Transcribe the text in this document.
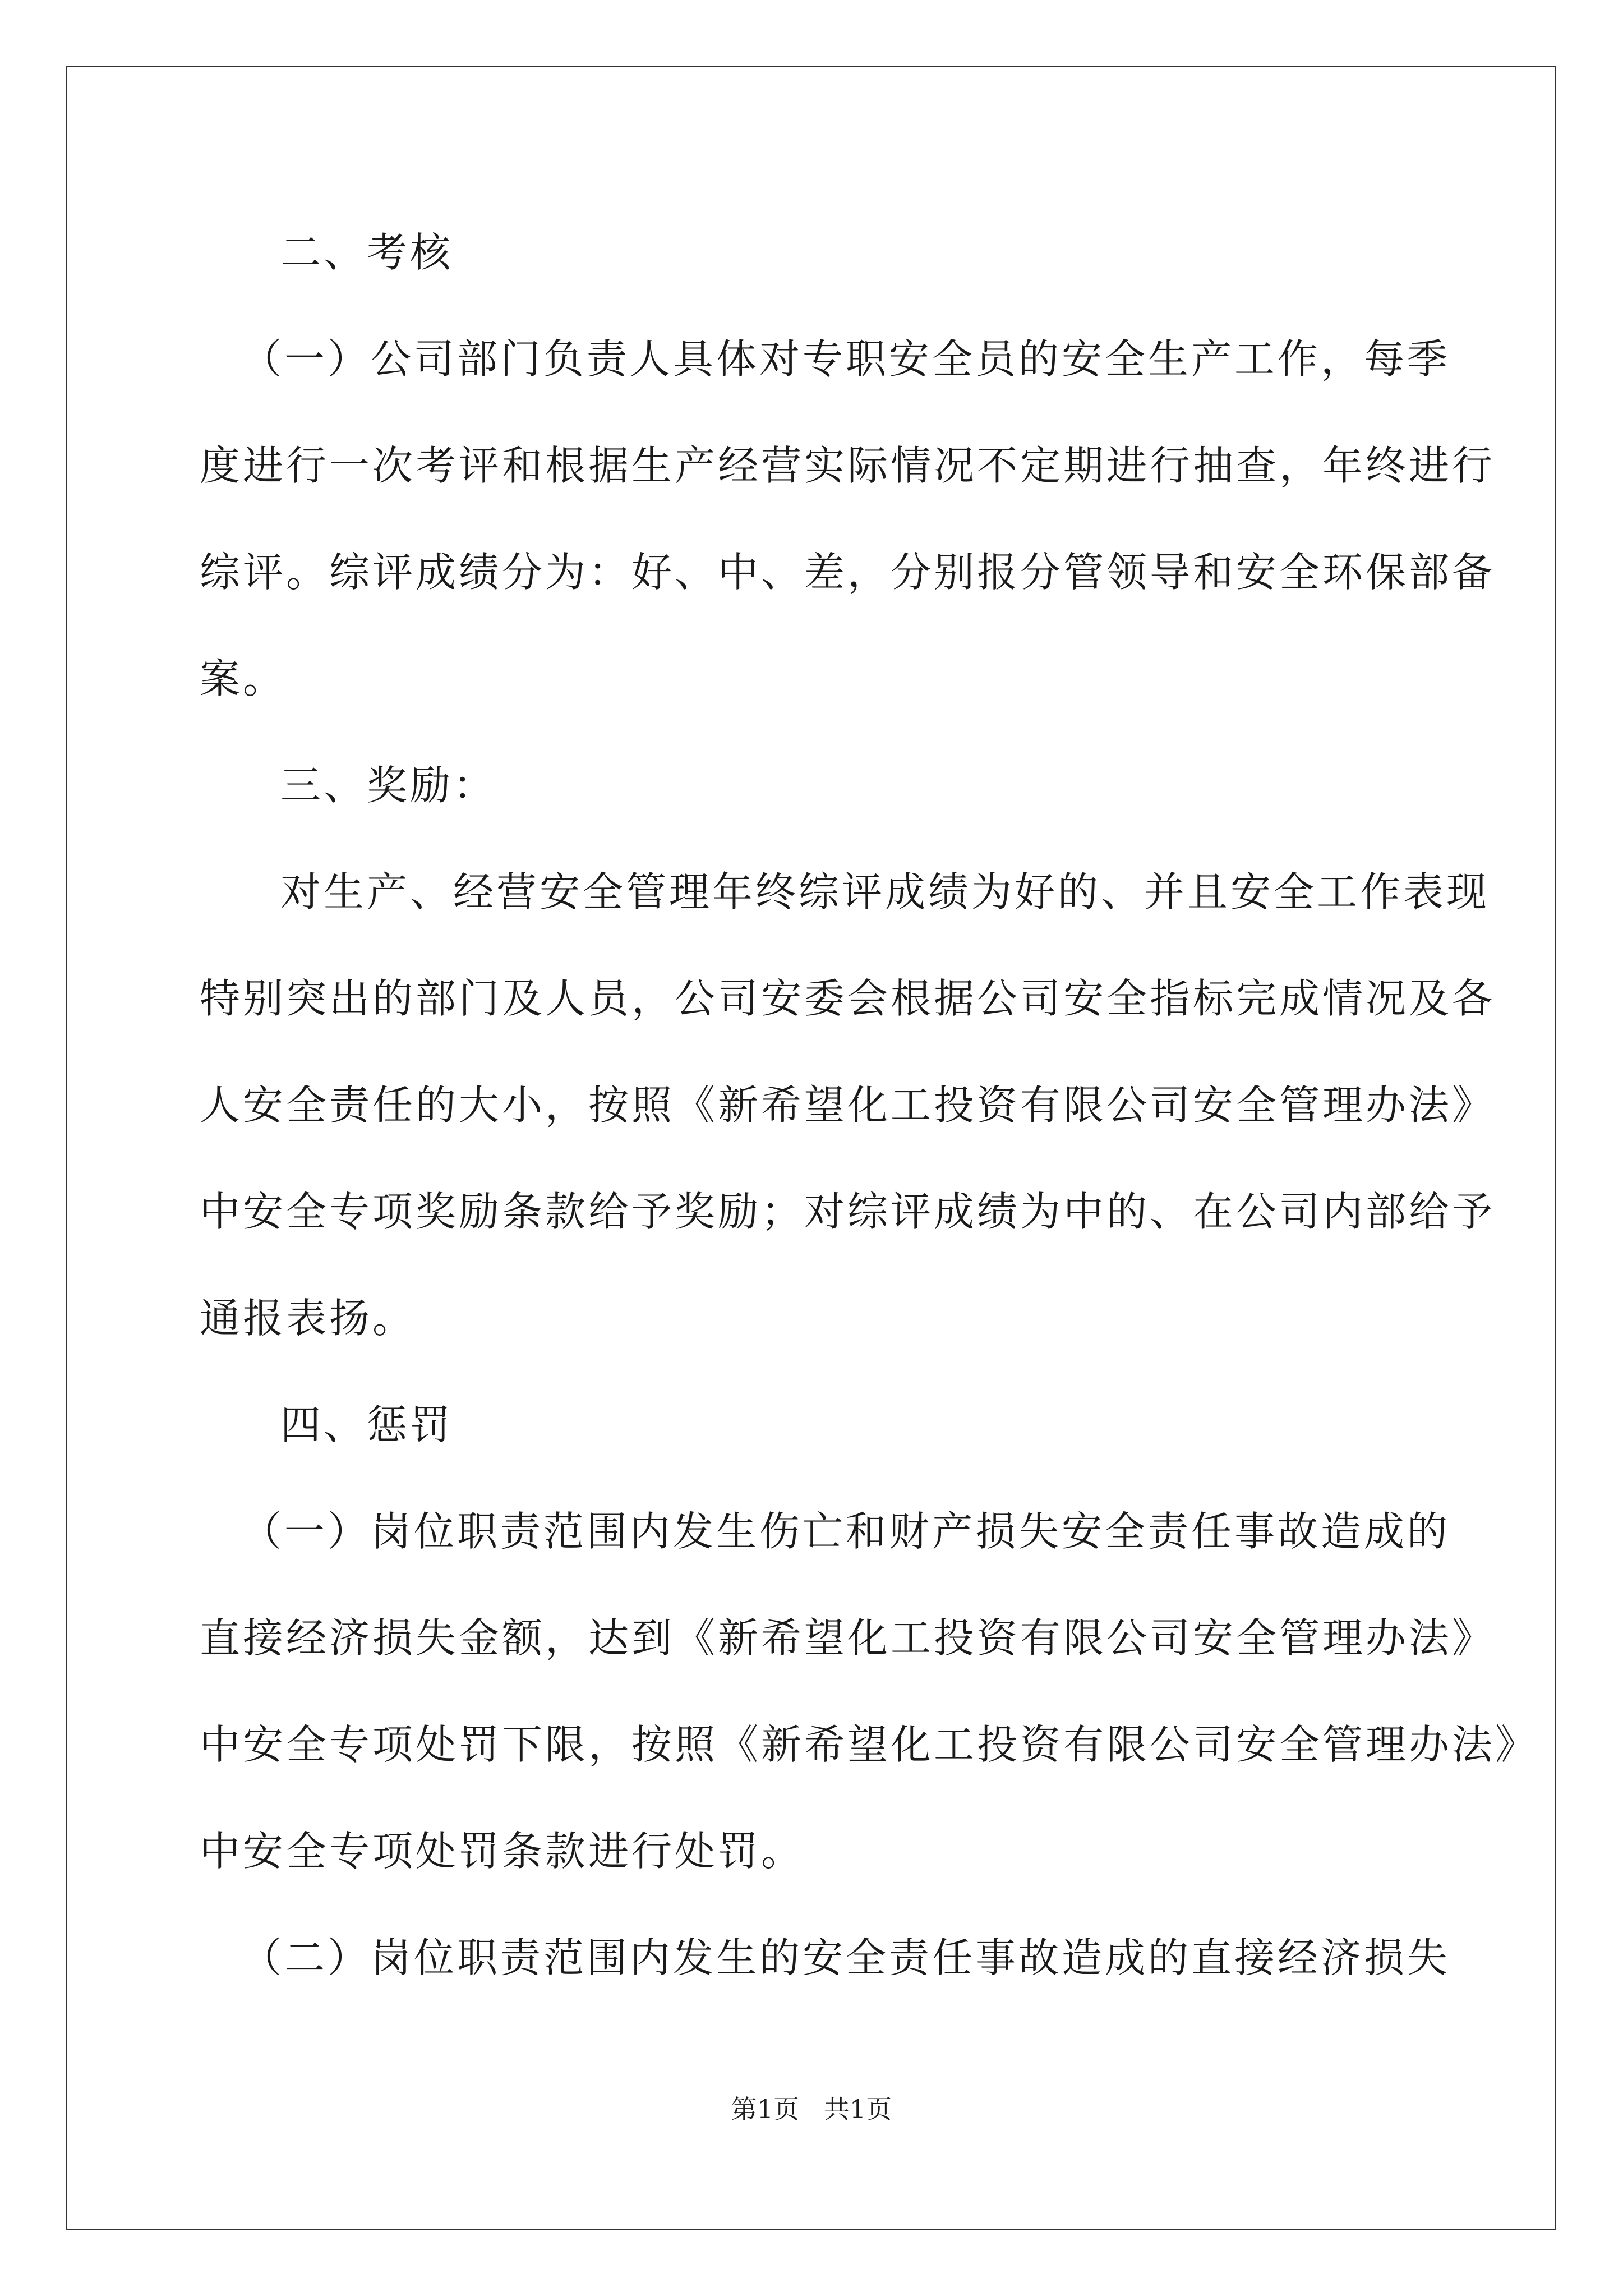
二、考核
（一）公司部门负责人具体对专职安全员的安全生产工作，每季
度进行一次考评和根据生产经营实际情况不定期进行抽查，年终进行
综评。综评成绩分为：好、中、差，分别报分管领导和安全环保部备
案。
三、奖励：
对生产、经营安全管理年终综评成绩为好的、并且安全工作表现
特别突出的部门及人员，公司安委会根据公司安全指标完成情况及各
人安全责任的大小，按照《新希望化工投资有限公司安全管理办法》
中安全专项奖励条款给予奖励；对综评成绩为中的、在公司内部给予
通报表扬。
四、惩罚
（一）岗位职责范围内发生伤亡和财产损失安全责任事故造成的
直接经济损失金额，达到《新希望化工投资有限公司安全管理办法》
中安全专项处罚下限，按照《新希望化工投资有限公司安全管理办法》
中安全专项处罚条款进行处罚。
（二）岗位职责范围内发生的安全责任事故造成的直接经济损失
第1页   共1页
